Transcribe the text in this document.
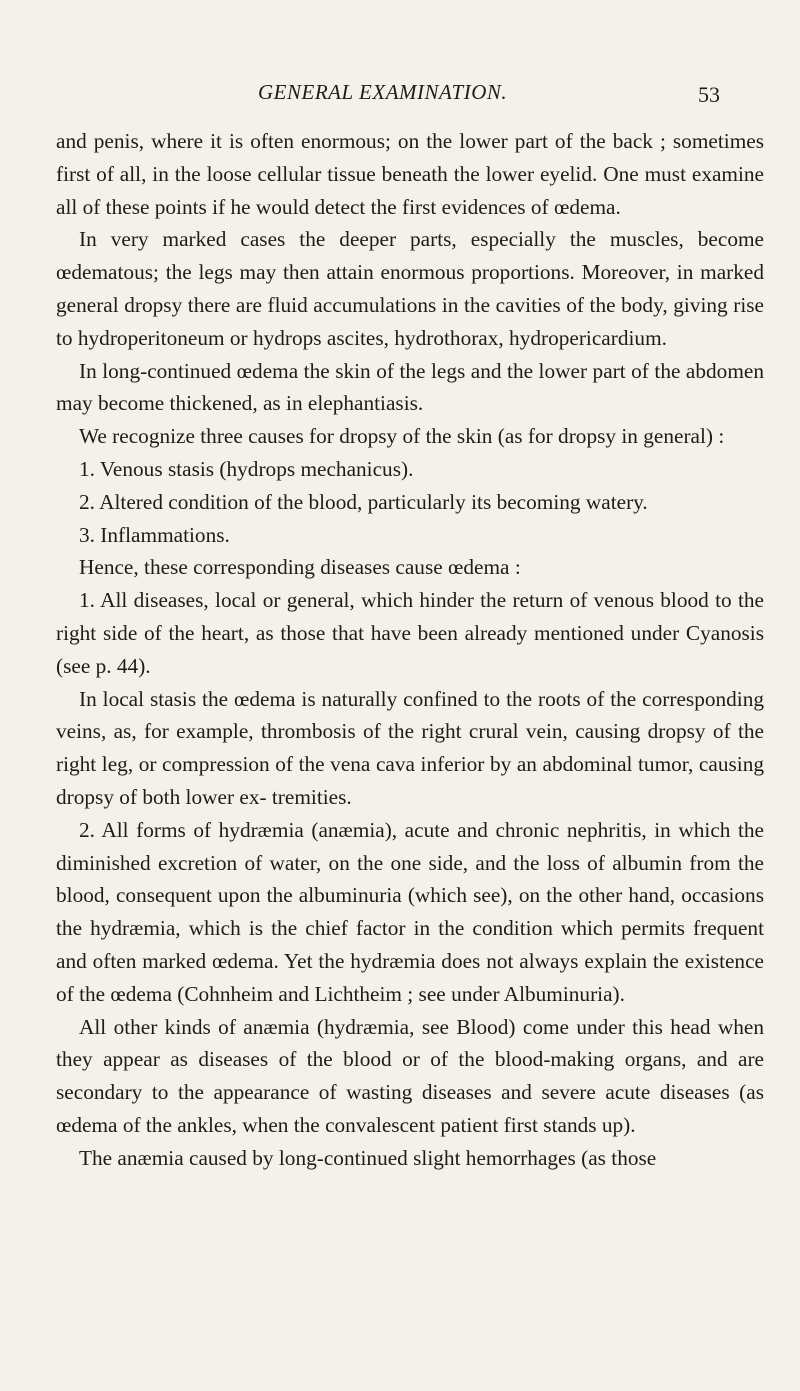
GENERAL EXAMINATION.	53

and penis, where it is often enormous; on the lower part of the back ; sometimes first of all, in the loose cellular tissue beneath the lower eyelid. One must examine all of these points if he would detect the first evidences of œdema.

In very marked cases the deeper parts, especially the muscles, become œdematous; the legs may then attain enormous proportions. Moreover, in marked general dropsy there are fluid accumulations in the cavities of the body, giving rise to hydroperitoneum or hydrops ascites, hydrothorax, hydropericardium.

In long-continued œdema the skin of the legs and the lower part of the abdomen may become thickened, as in elephantiasis.

We recognize three causes for dropsy of the skin (as for dropsy in general) :

1. Venous stasis (hydrops mechanicus).

2. Altered condition of the blood, particularly its becoming watery.

3. Inflammations.

Hence, these corresponding diseases cause œdema :

1. All diseases, local or general, which hinder the return of venous blood to the right side of the heart, as those that have been already mentioned under Cyanosis (see p. 44).

In local stasis the œdema is naturally confined to the roots of the corresponding veins, as, for example, thrombosis of the right crural vein, causing dropsy of the right leg, or compression of the vena cava inferior by an abdominal tumor, causing dropsy of both lower ex- tremities.

2. All forms of hydræmia (anæmia), acute and chronic nephritis, in which the diminished excretion of water, on the one side, and the loss of albumin from the blood, consequent upon the albuminuria (which see), on the other hand, occasions the hydræmia, which is the chief factor in the condition which permits frequent and often marked œdema. Yet the hydræmia does not always explain the existence of the œdema (Cohnheim and Lichtheim ; see under Albuminuria).

All other kinds of anæmia (hydræmia, see Blood) come under this head when they appear as diseases of the blood or of the blood-making organs, and are secondary to the appearance of wasting diseases and severe acute diseases (as œdema of the ankles, when the convalescent patient first stands up).

The anæmia caused by long-continued slight hemorrhages (as those
